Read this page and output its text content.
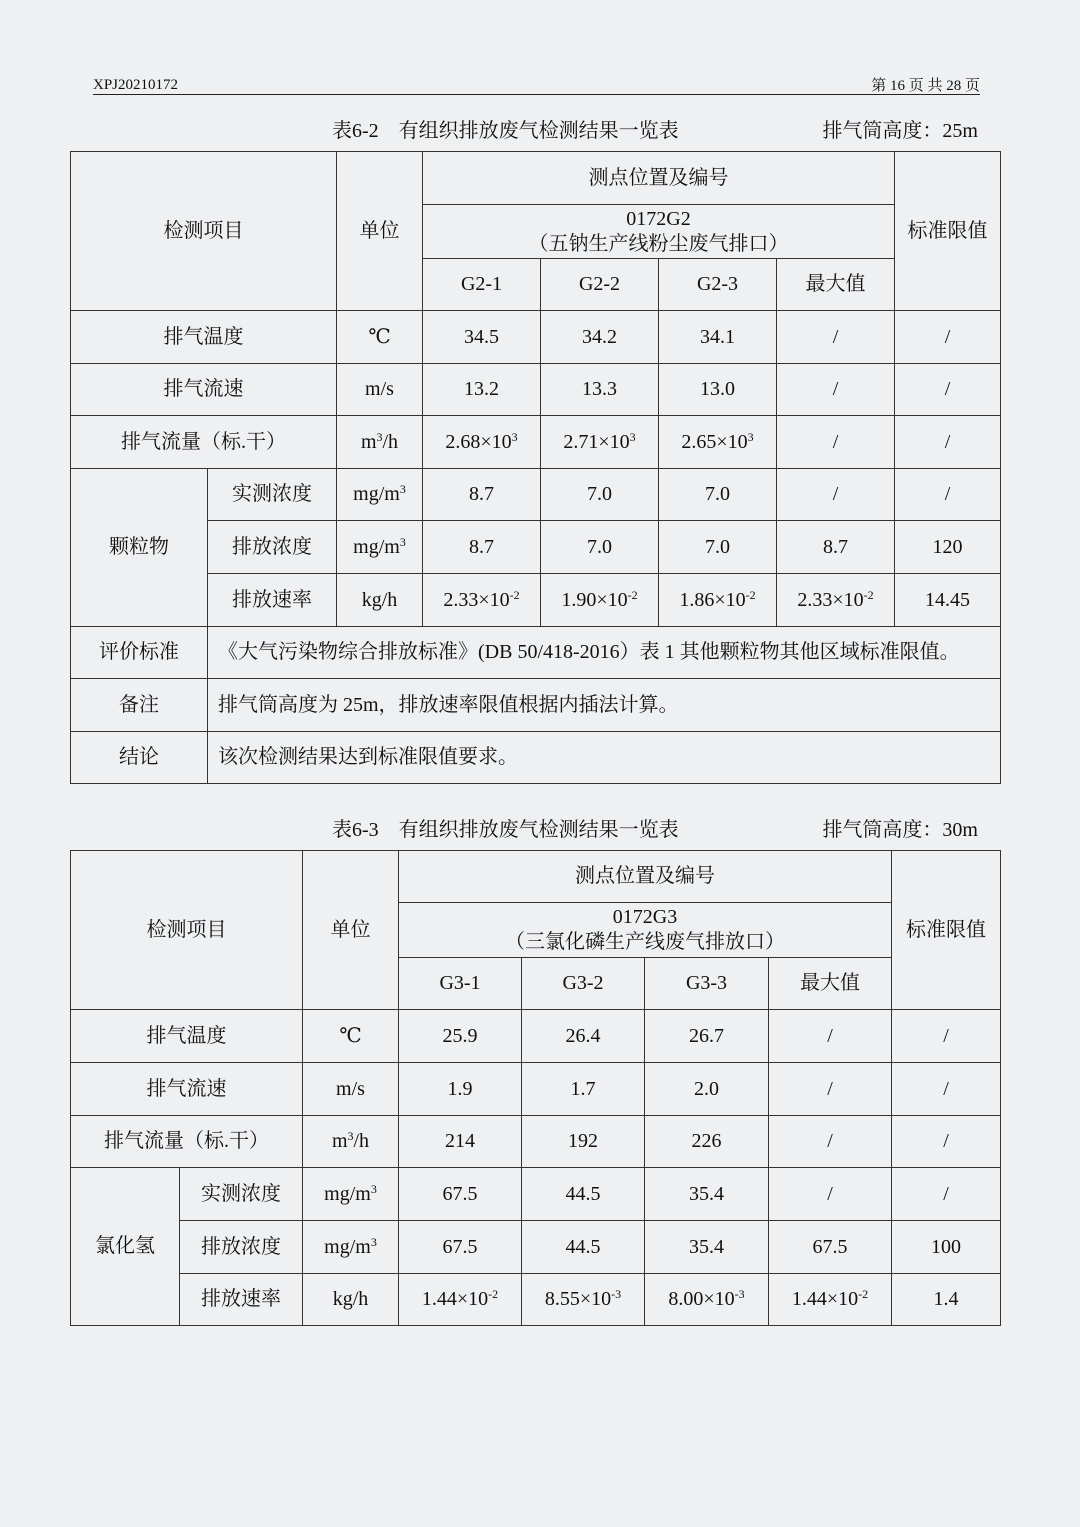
XPJ20210172	第 16 页 共 28 页
表6-2　有组织排放废气检测结果一览表	排气筒高度：25m
检测项目		单位	测点位置及编号				标准限值

			0172G2
（五钠生产线粉尘废气排口）				

			G2-1	G2-2	G2-3	最大值	
排气温度		℃	34.5	34.2	34.1	/	/
排气流速		m/s	13.2	13.3	13.0	/	/
排气流量（标.干）		$m^3/h$	$2.68\times 10^3$	$2.71\times 10^3$	$2.65\times 10^3$	/	/
颗粒物	实测浓度	$mg/m^3$	8.7	7.0	7.0	/	/
	排放浓度	$mg/m^3$	8.7	7.0	7.0	8.7	120
	排放速率	kg/h	$2.33\times 10^{-2}$	$1.90\times 10^{-2}$	$1.86\times 10^{-2}$	$2.33\times 10^{-2}$	14.45
评价标准	《大气污染物综合排放标准》(DB 50/418-2016）表 1 其他颗粒物其他区域标准限值。						
备注	排气筒高度为 25m，排放速率限值根据内插法计算。						
结论	该次检测结果达到标准限值要求。						
表6-3　有组织排放废气检测结果一览表	排气筒高度：30m
检测项目		单位	测点位置及编号				标准限值

			0172G3
（三氯化磷生产线废气排放口）				

			G3-1	G3-2	G3-3	最大值	
排气温度		℃	25.9	26.4	26.7	/	/
排气流速		m/s	1.9	1.7	2.0	/	/
排气流量（标.干）		$m^3/h$	214	192	226	/	/
氯化氢	实测浓度	$mg/m^3$	67.5	44.5	35.4	/	/
	排放浓度	$mg/m^3$	67.5	44.5	35.4	67.5	100
	排放速率	kg/h	$1.44\times 10^{-2}$	$8.55\times 10^{-3}$	$8.00\times 10^{-3}$	$1.44\times 10^{-2}$	1.4
